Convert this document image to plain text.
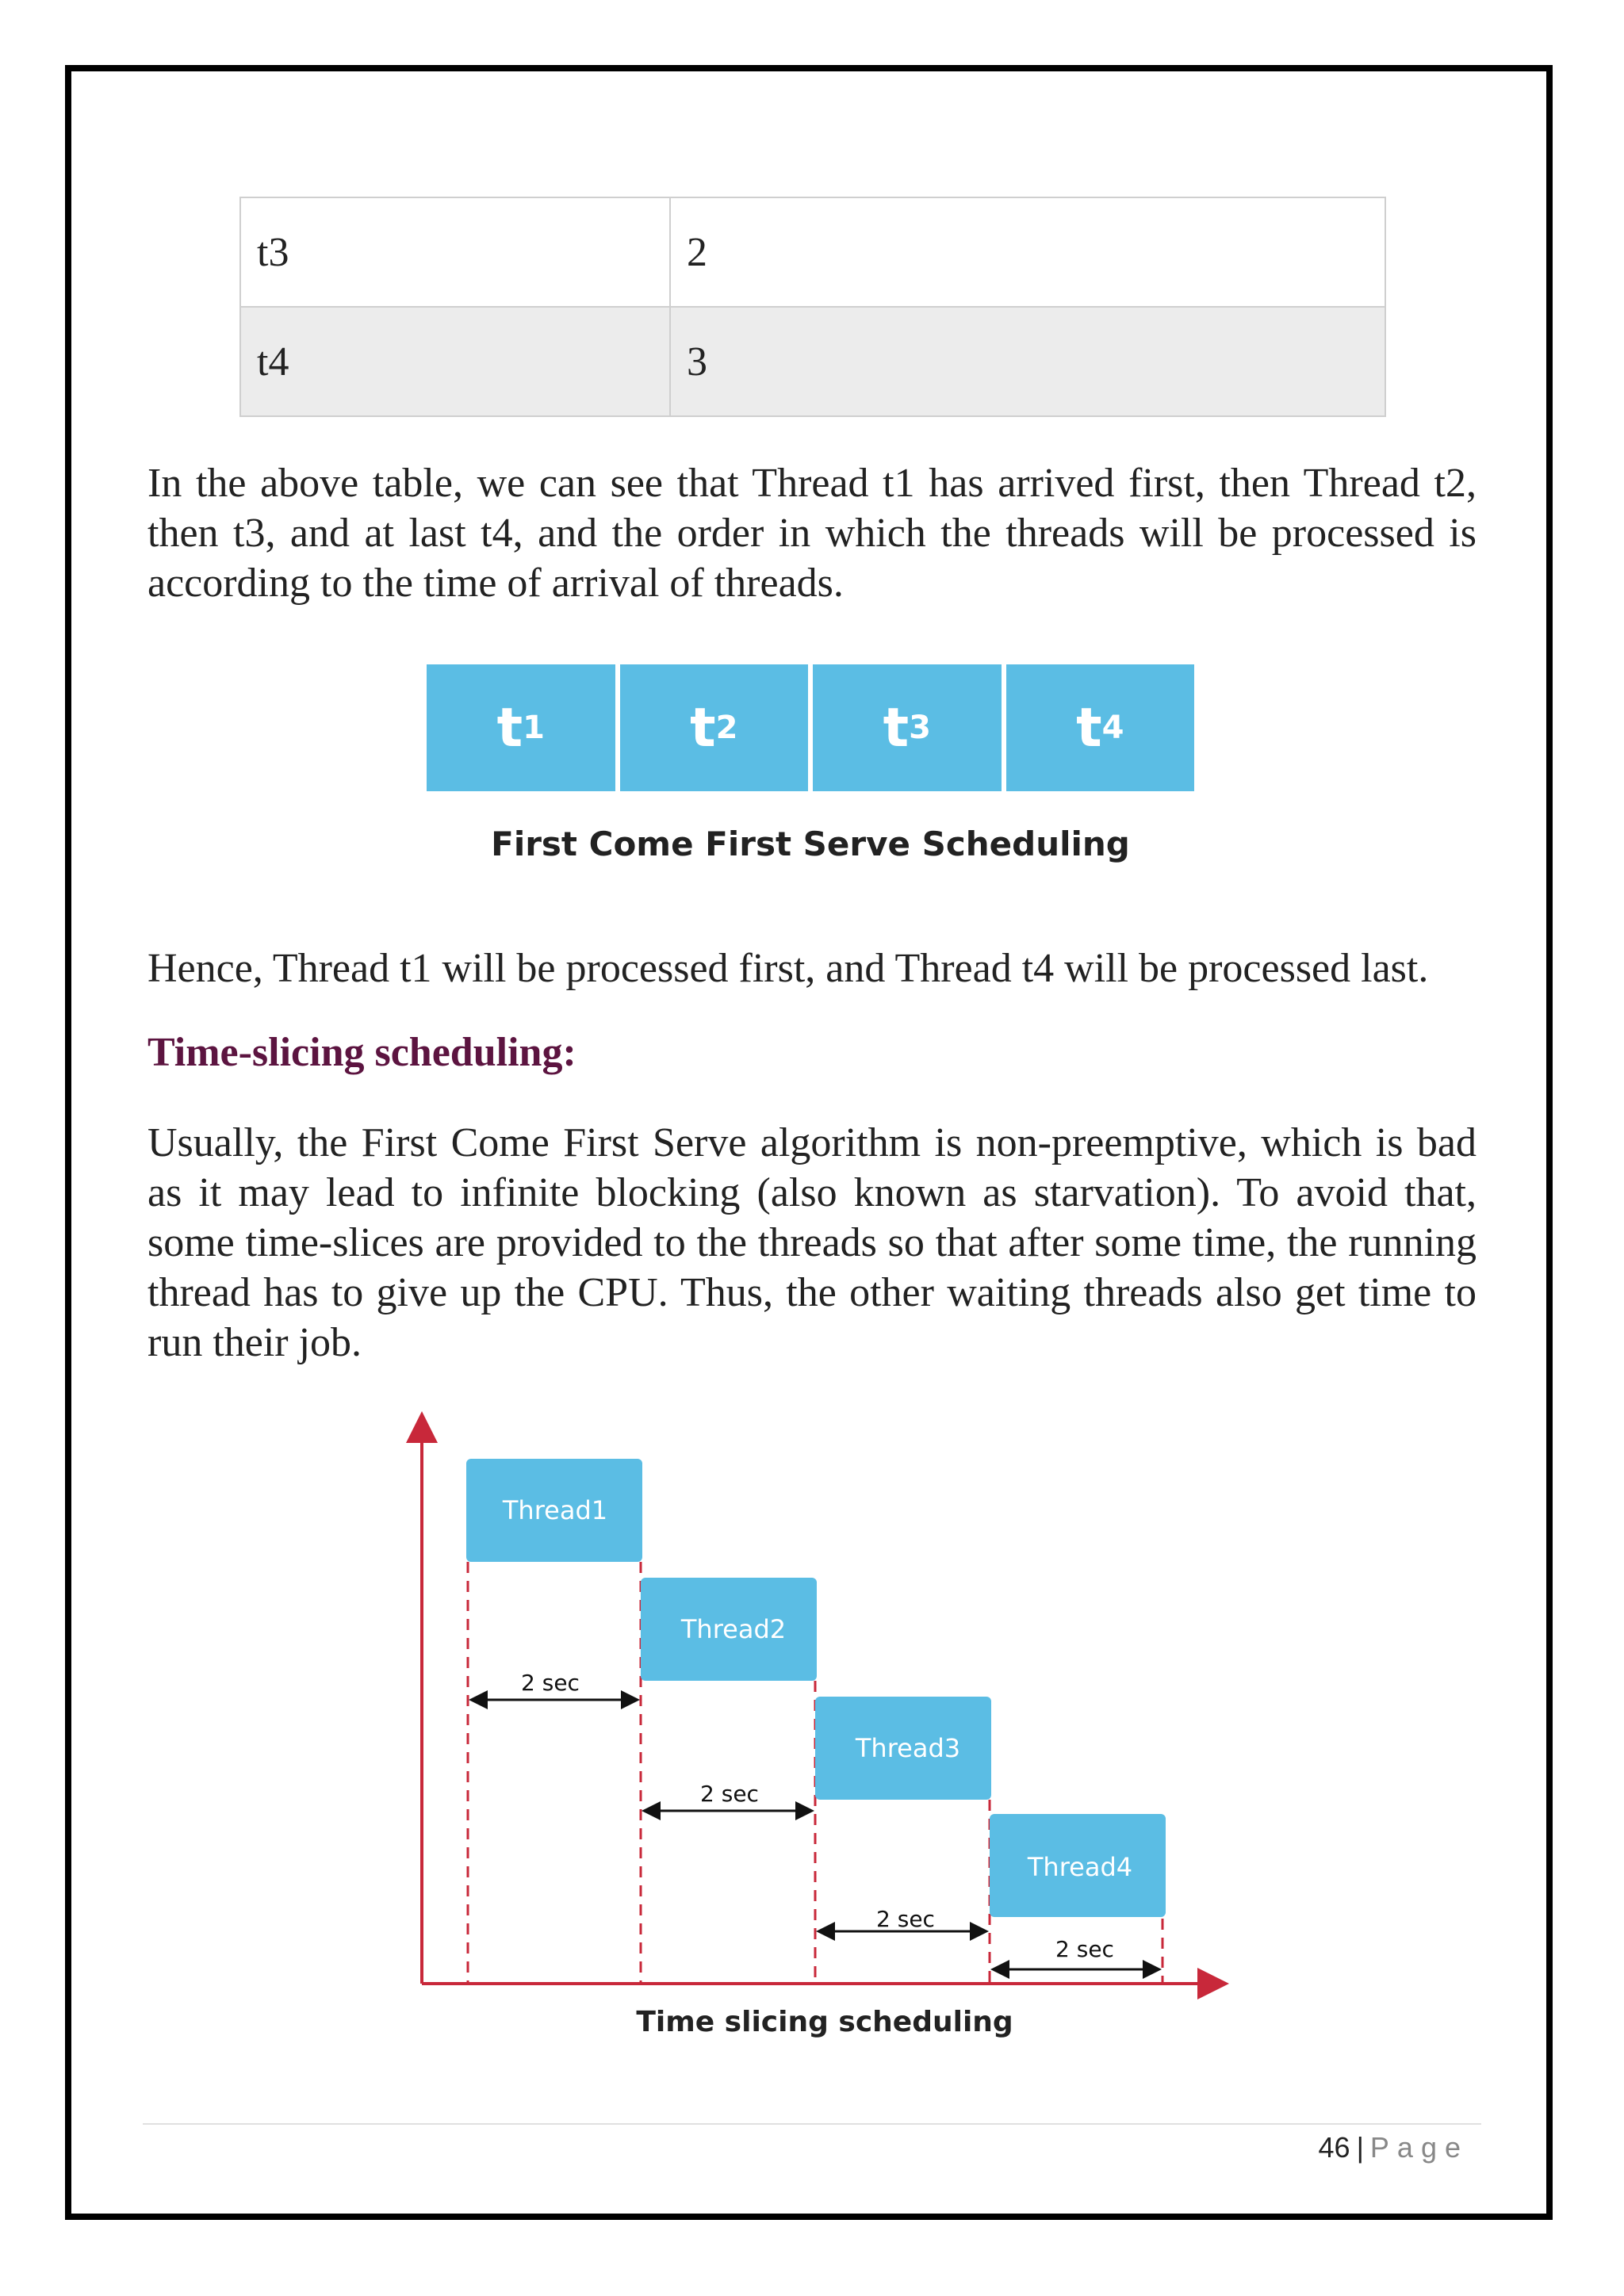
t3	2
t4	3

In the above table, we can see that Thread t1 has arrived first, then Thread t2, then t3, and at last t4, and the order in which the threads will be processed is according to the time of arrival of threads.

t 1	t 2	t 3	t 4
First Come First Serve Scheduling

Hence, Thread t1 will be processed first, and Thread t4 will be processed last.

Time-slicing scheduling:

Usually, the First Come First Serve algorithm is non-preemptive, which is bad as it may lead to infinite blocking (also known as starvation). To avoid that, some time-slices are provided to the threads so that after some time, the running thread has to give up the CPU. Thus, the other waiting threads also get time to run their job.

Thread1
Thread2
Thread3
Thread4
2 sec
2 sec
2 sec
2 sec
Time slicing scheduling
46 | Page
